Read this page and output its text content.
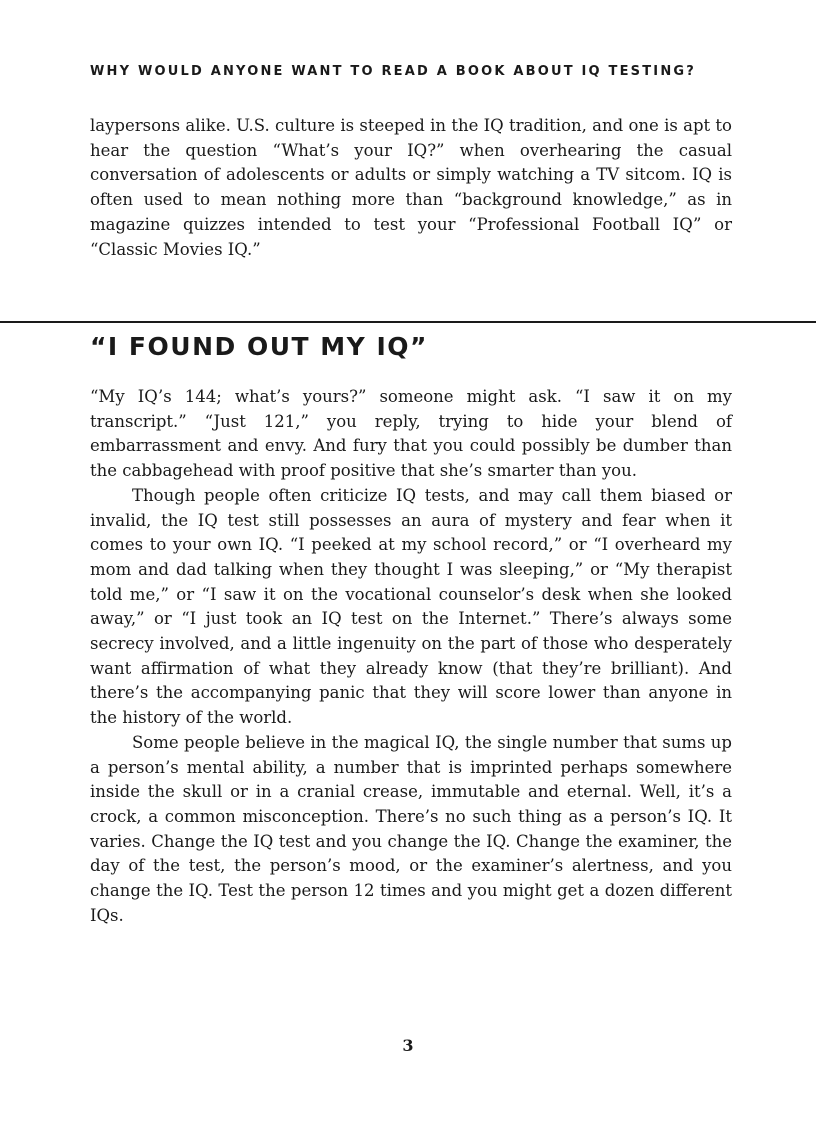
WHY WOULD ANYONE WANT TO READ A BOOK ABOUT IQ TESTING?

laypersons alike. U.S. culture is steeped in the IQ tradition, and one is apt to hear the question “What’s your IQ?” when overhearing the casual conversation of adolescents or adults or simply watching a TV sitcom. IQ is often used to mean nothing more than “background knowledge,” as in magazine quizzes intended to test your “Professional Football IQ” or “Classic Movies IQ.”

“I FOUND OUT MY IQ”

“My IQ’s 144; what’s yours?” someone might ask. “I saw it on my transcript.” “Just 121,” you reply, trying to hide your blend of embarrassment and envy. And fury that you could possibly be dumber than the cabbagehead with proof positive that she’s smarter than you.

Though people often criticize IQ tests, and may call them biased or invalid, the IQ test still possesses an aura of mystery and fear when it comes to your own IQ. “I peeked at my school record,” or “I overheard my mom and dad talking when they thought I was sleeping,” or “My therapist told me,” or “I saw it on the vocational counselor’s desk when she looked away,” or “I just took an IQ test on the Internet.” There’s always some secrecy involved, and a little ingenuity on the part of those who desperately want affirmation of what they already know (that they’re brilliant). And there’s the accompanying panic that they will score lower than anyone in the history of the world.

Some people believe in the magical IQ, the single number that sums up a person’s mental ability, a number that is imprinted perhaps somewhere inside the skull or in a cranial crease, immutable and eternal. Well, it’s a crock, a common misconception. There’s no such thing as a person’s IQ. It varies. Change the IQ test and you change the IQ. Change the examiner, the day of the test, the person’s mood, or the examiner’s alertness, and you change the IQ. Test the person 12 times and you might get a dozen different IQs.

3
